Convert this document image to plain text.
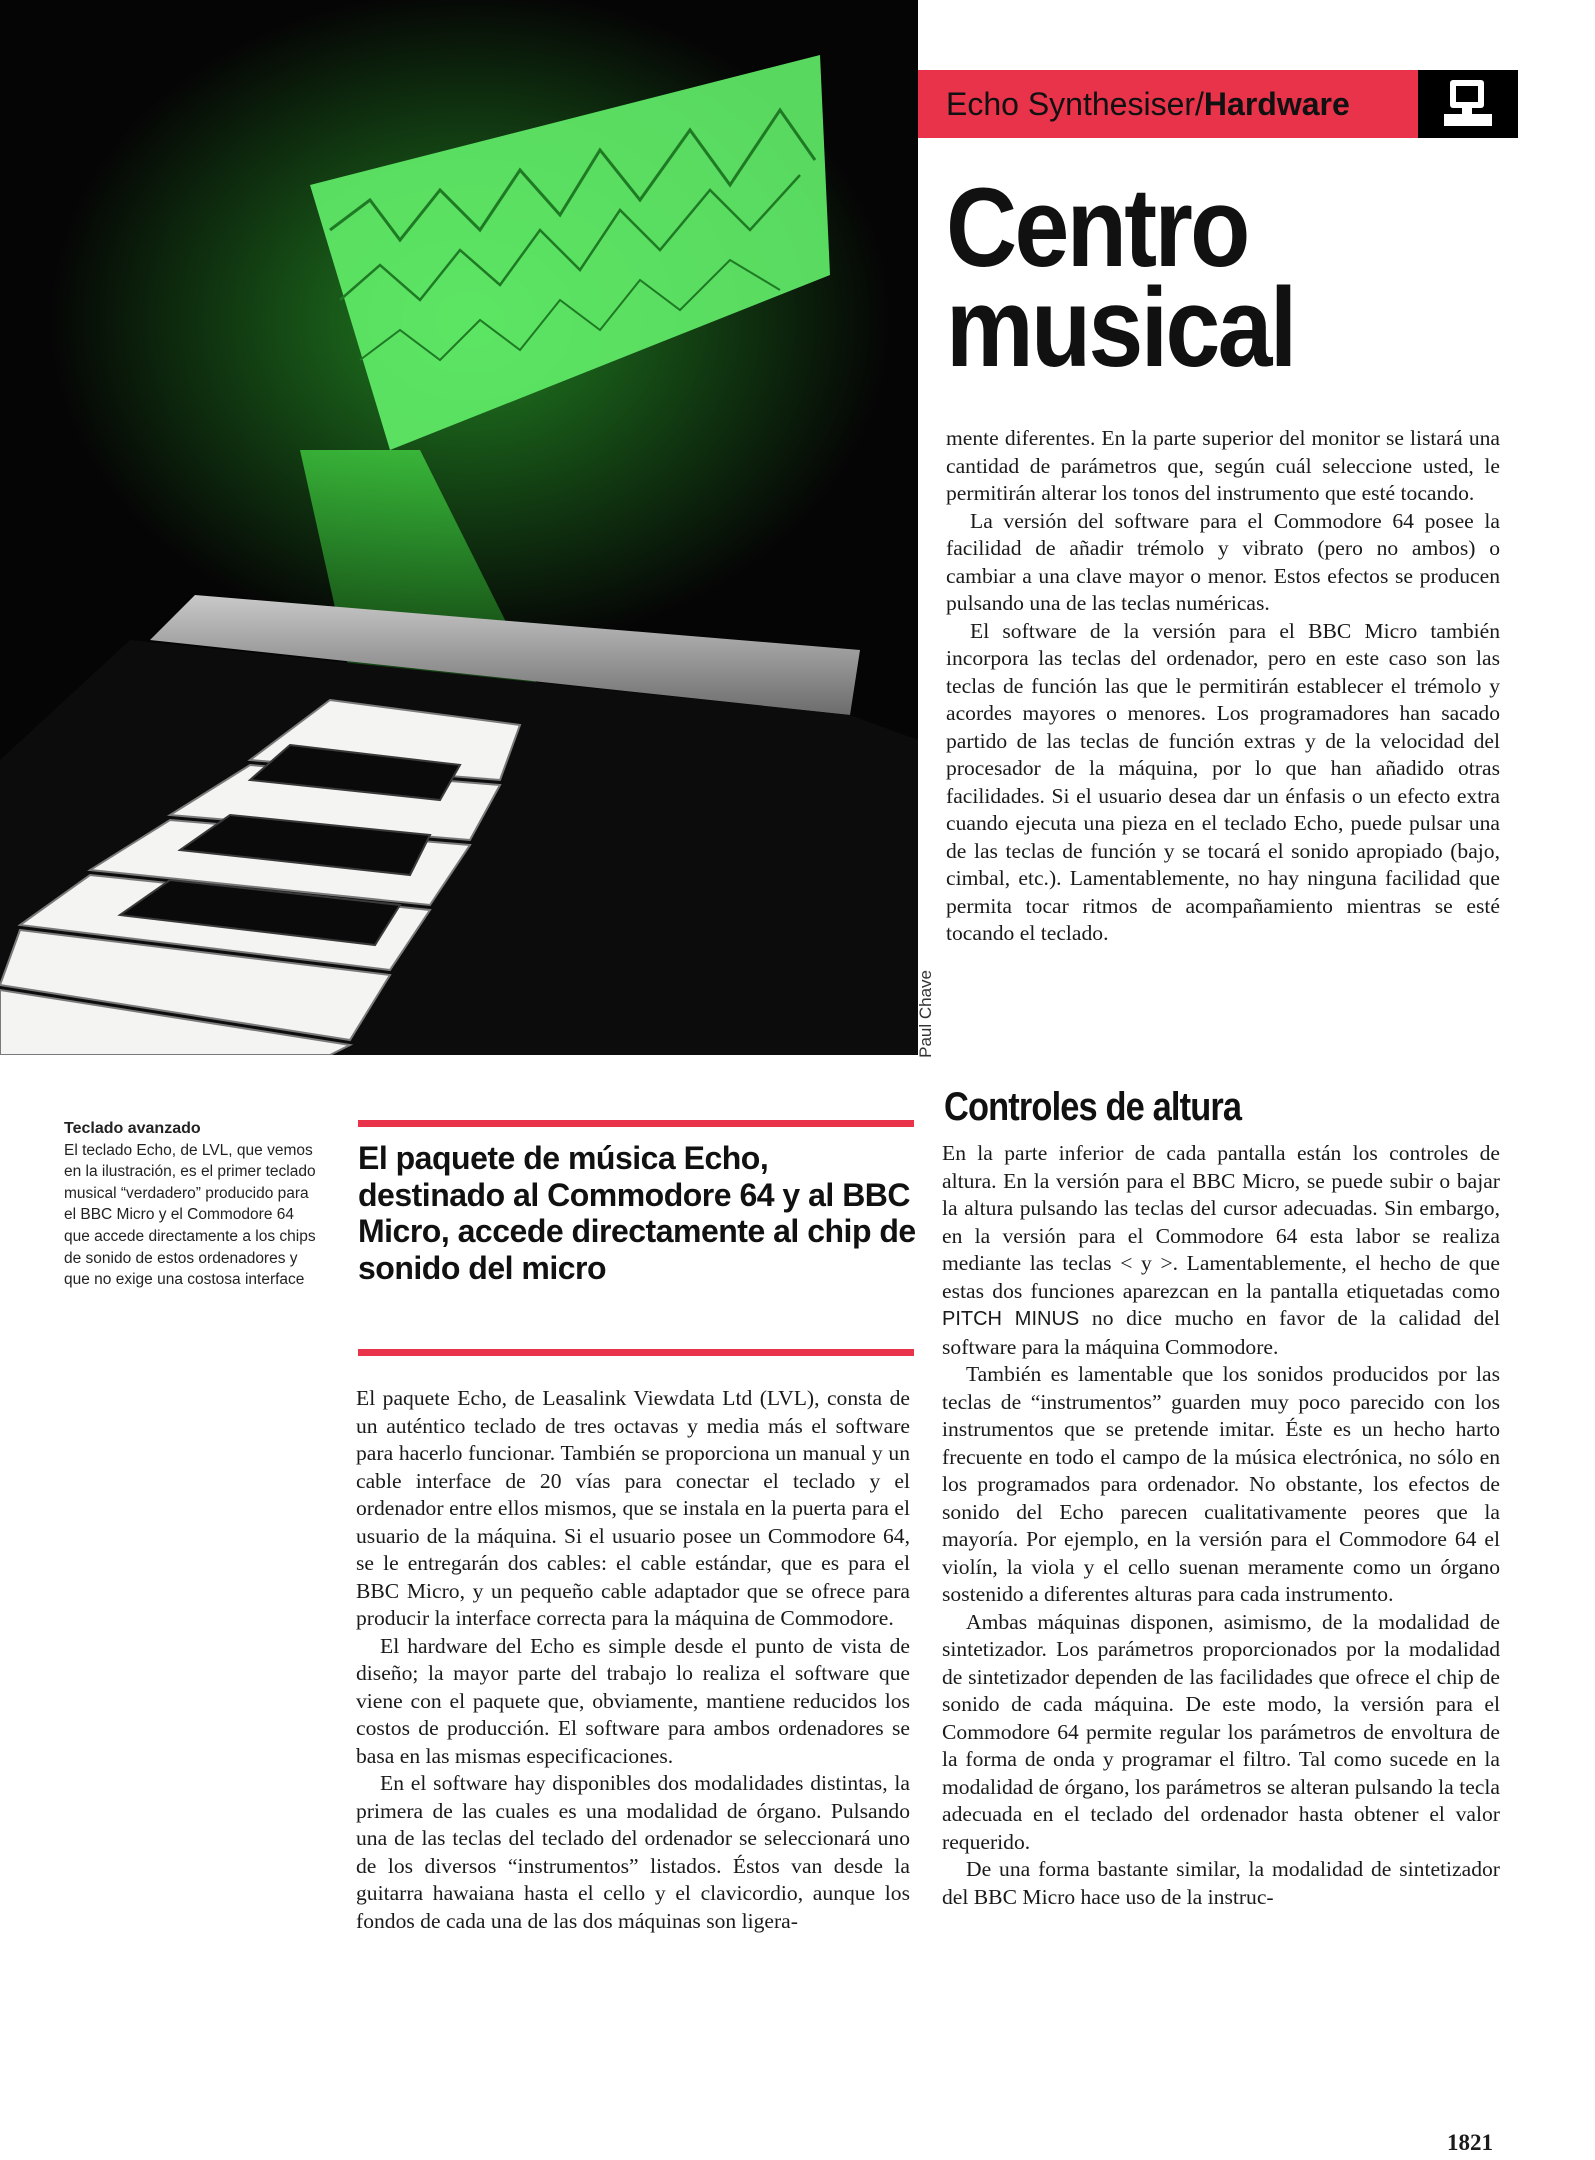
Paul Chave
Echo Synthesiser/Hardware
Centro
musical
Teclado avanzado
El teclado Echo, de LVL, que vemos en la ilustración, es el primer teclado musical “verdadero” producido para el BBC Micro y el Commodore 64 que accede directamente a los chips de sonido de estos ordenadores y que no exige una costosa interface

El paquete de música Echo, destinado al Commodore 64 y al BBC Micro, accede directamente al chip de sonido del micro

El paquete Echo, de Leasalink Viewdata Ltd (LVL), consta de un auténtico teclado de tres octavas y media más el software para hacerlo funcionar. También se proporciona un manual y un cable interface de 20 vías para conectar el teclado y el ordenador entre ellos mismos, que se instala en la puerta para el usuario de la máquina. Si el usuario posee un Commodore 64, se le entregarán dos cables: el cable estándar, que es para el BBC Micro, y un pequeño cable adaptador que se ofrece para producir la interface correcta para la máquina de Commodore.

El hardware del Echo es simple desde el punto de vista de diseño; la mayor parte del trabajo lo realiza el software que viene con el paquete que, obviamente, mantiene reducidos los costos de producción. El software para ambos ordenadores se basa en las mismas especificaciones.

En el software hay disponibles dos modalidades distintas, la primera de las cuales es una modalidad de órgano. Pulsando una de las teclas del teclado del ordenador se seleccionará uno de los diversos “instrumentos” listados. Éstos van desde la guitarra hawaiana hasta el cello y el clavicordio, aunque los fondos de cada una de las dos máquinas son ligera-

mente diferentes. En la parte superior del monitor se listará una cantidad de parámetros que, según cuál seleccione usted, le permitirán alterar los tonos del instrumento que esté tocando.

La versión del software para el Commodore 64 posee la facilidad de añadir trémolo y vibrato (pero no ambos) o cambiar a una clave mayor o menor. Estos efectos se producen pulsando una de las teclas numéricas.

El software de la versión para el BBC Micro también incorpora las teclas del ordenador, pero en este caso son las teclas de función las que le permitirán establecer el trémolo y acordes mayores o menores. Los programadores han sacado partido de las teclas de función extras y de la velocidad del procesador de la máquina, por lo que han añadido otras facilidades. Si el usuario desea dar un énfasis o un efecto extra cuando ejecuta una pieza en el teclado Echo, puede pulsar una de las teclas de función y se tocará el sonido apropiado (bajo, cimbal, etc.). Lamentablemente, no hay ninguna facilidad que permita tocar ritmos de acompañamiento mientras se esté tocando el teclado.

Controles de altura

En la parte inferior de cada pantalla están los controles de altura. En la versión para el BBC Micro, se puede subir o bajar la altura pulsando las teclas del cursor adecuadas. Sin embargo, en la versión para el Commodore 64 esta labor se realiza mediante las teclas < y >. Lamentablemente, el hecho de que estas dos funciones aparezcan en la pantalla etiquetadas como PITCH MINUS no dice mucho en favor de la calidad del software para la máquina Commodore.

También es lamentable que los sonidos producidos por las teclas de “instrumentos” guarden muy poco parecido con los instrumentos que se pretende imitar. Éste es un hecho harto frecuente en todo el campo de la música electrónica, no sólo en los programados para ordenador. No obstante, los efectos de sonido del Echo parecen cualitativamente peores que la mayoría. Por ejemplo, en la versión para el Commodore 64 el violín, la viola y el cello suenan meramente como un órgano sostenido a diferentes alturas para cada instrumento.

Ambas máquinas disponen, asimismo, de la modalidad de sintetizador. Los parámetros proporcionados por la modalidad de sintetizador dependen de las facilidades que ofrece el chip de sonido de cada máquina. De este modo, la versión para el Commodore 64 permite regular los parámetros de envoltura de la forma de onda y programar el filtro. Tal como sucede en la modalidad de órgano, los parámetros se alteran pulsando la tecla adecuada en el teclado del ordenador hasta obtener el valor requerido.

De una forma bastante similar, la modalidad de sintetizador del BBC Micro hace uso de la instruc-

1821
